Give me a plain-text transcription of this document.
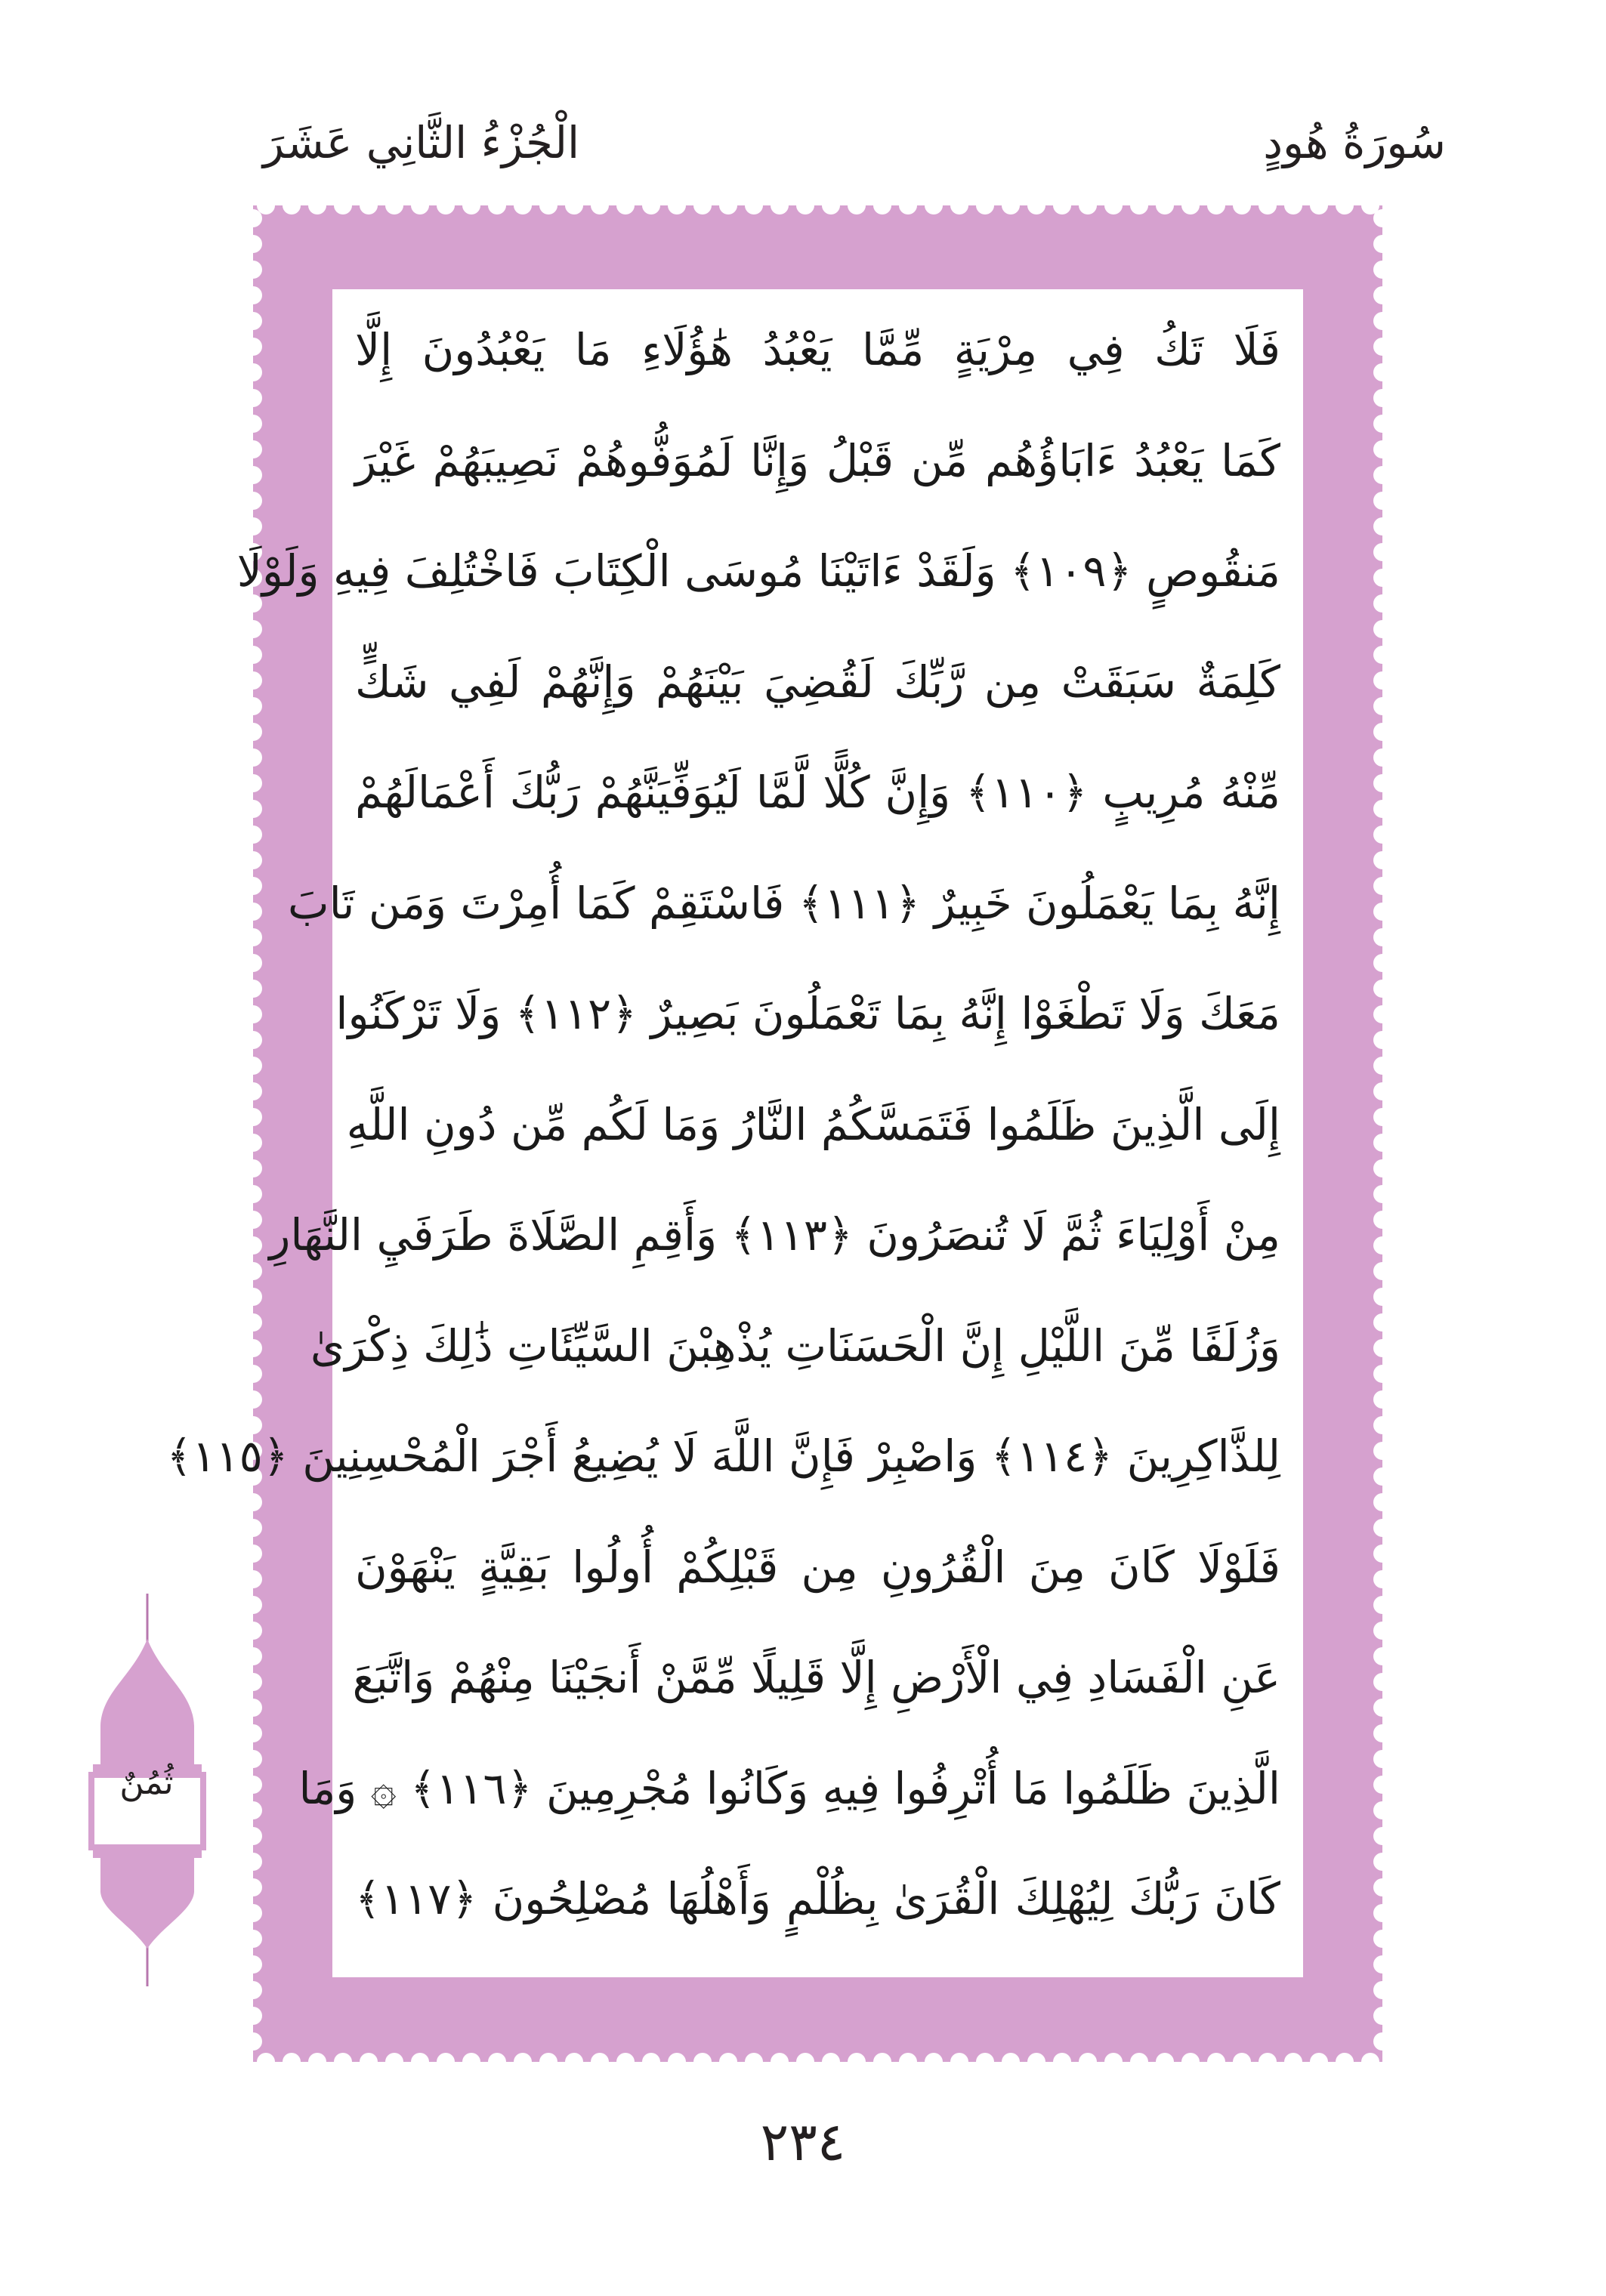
سُورَةُ هُودٍ
الْجُزْءُ الثَّانِي عَشَرَ
فَلَا تَكُ فِي مِرْيَةٍ مِّمَّا يَعْبُدُ هَٰؤُلَاءِ مَا يَعْبُدُونَ إِلَّا
كَمَا يَعْبُدُ ءَابَاؤُهُم مِّن قَبْلُ وَإِنَّا لَمُوَفُّوهُمْ نَصِيبَهُمْ غَيْرَ
مَنقُوصٍ ﴿١٠٩﴾ وَلَقَدْ ءَاتَيْنَا مُوسَى الْكِتَابَ فَاخْتُلِفَ فِيهِ وَلَوْلَا
كَلِمَةٌ سَبَقَتْ مِن رَّبِّكَ لَقُضِيَ بَيْنَهُمْ وَإِنَّهُمْ لَفِي شَكٍّ
مِّنْهُ مُرِيبٍ ﴿١١٠﴾ وَإِنَّ كُلًّا لَّمَّا لَيُوَفِّيَنَّهُمْ رَبُّكَ أَعْمَالَهُمْ
إِنَّهُ بِمَا يَعْمَلُونَ خَبِيرٌ ﴿١١١﴾ فَاسْتَقِمْ كَمَا أُمِرْتَ وَمَن تَابَ
مَعَكَ وَلَا تَطْغَوْا إِنَّهُ بِمَا تَعْمَلُونَ بَصِيرٌ ﴿١١٢﴾ وَلَا تَرْكَنُوا
إِلَى الَّذِينَ ظَلَمُوا فَتَمَسَّكُمُ النَّارُ وَمَا لَكُم مِّن دُونِ اللَّهِ
مِنْ أَوْلِيَاءَ ثُمَّ لَا تُنصَرُونَ ﴿١١٣﴾ وَأَقِمِ الصَّلَاةَ طَرَفَيِ النَّهَارِ
وَزُلَفًا مِّنَ اللَّيْلِ إِنَّ الْحَسَنَاتِ يُذْهِبْنَ السَّيِّئَاتِ ذَٰلِكَ ذِكْرَىٰ
لِلذَّاكِرِينَ ﴿١١٤﴾ وَاصْبِرْ فَإِنَّ اللَّهَ لَا يُضِيعُ أَجْرَ الْمُحْسِنِينَ ﴿١١٥﴾
فَلَوْلَا كَانَ مِنَ الْقُرُونِ مِن قَبْلِكُمْ أُولُوا بَقِيَّةٍ يَنْهَوْنَ
عَنِ الْفَسَادِ فِي الْأَرْضِ إِلَّا قَلِيلًا مِّمَّنْ أَنجَيْنَا مِنْهُمْ وَاتَّبَعَ
الَّذِينَ ظَلَمُوا مَا أُتْرِفُوا فِيهِ وَكَانُوا مُجْرِمِينَ ﴿١١٦﴾ ۞ وَمَا
كَانَ رَبُّكَ لِيُهْلِكَ الْقُرَىٰ بِظُلْمٍ وَأَهْلُهَا مُصْلِحُونَ ﴿١١٧﴾
٢٣٤
ثُمُنٌ
